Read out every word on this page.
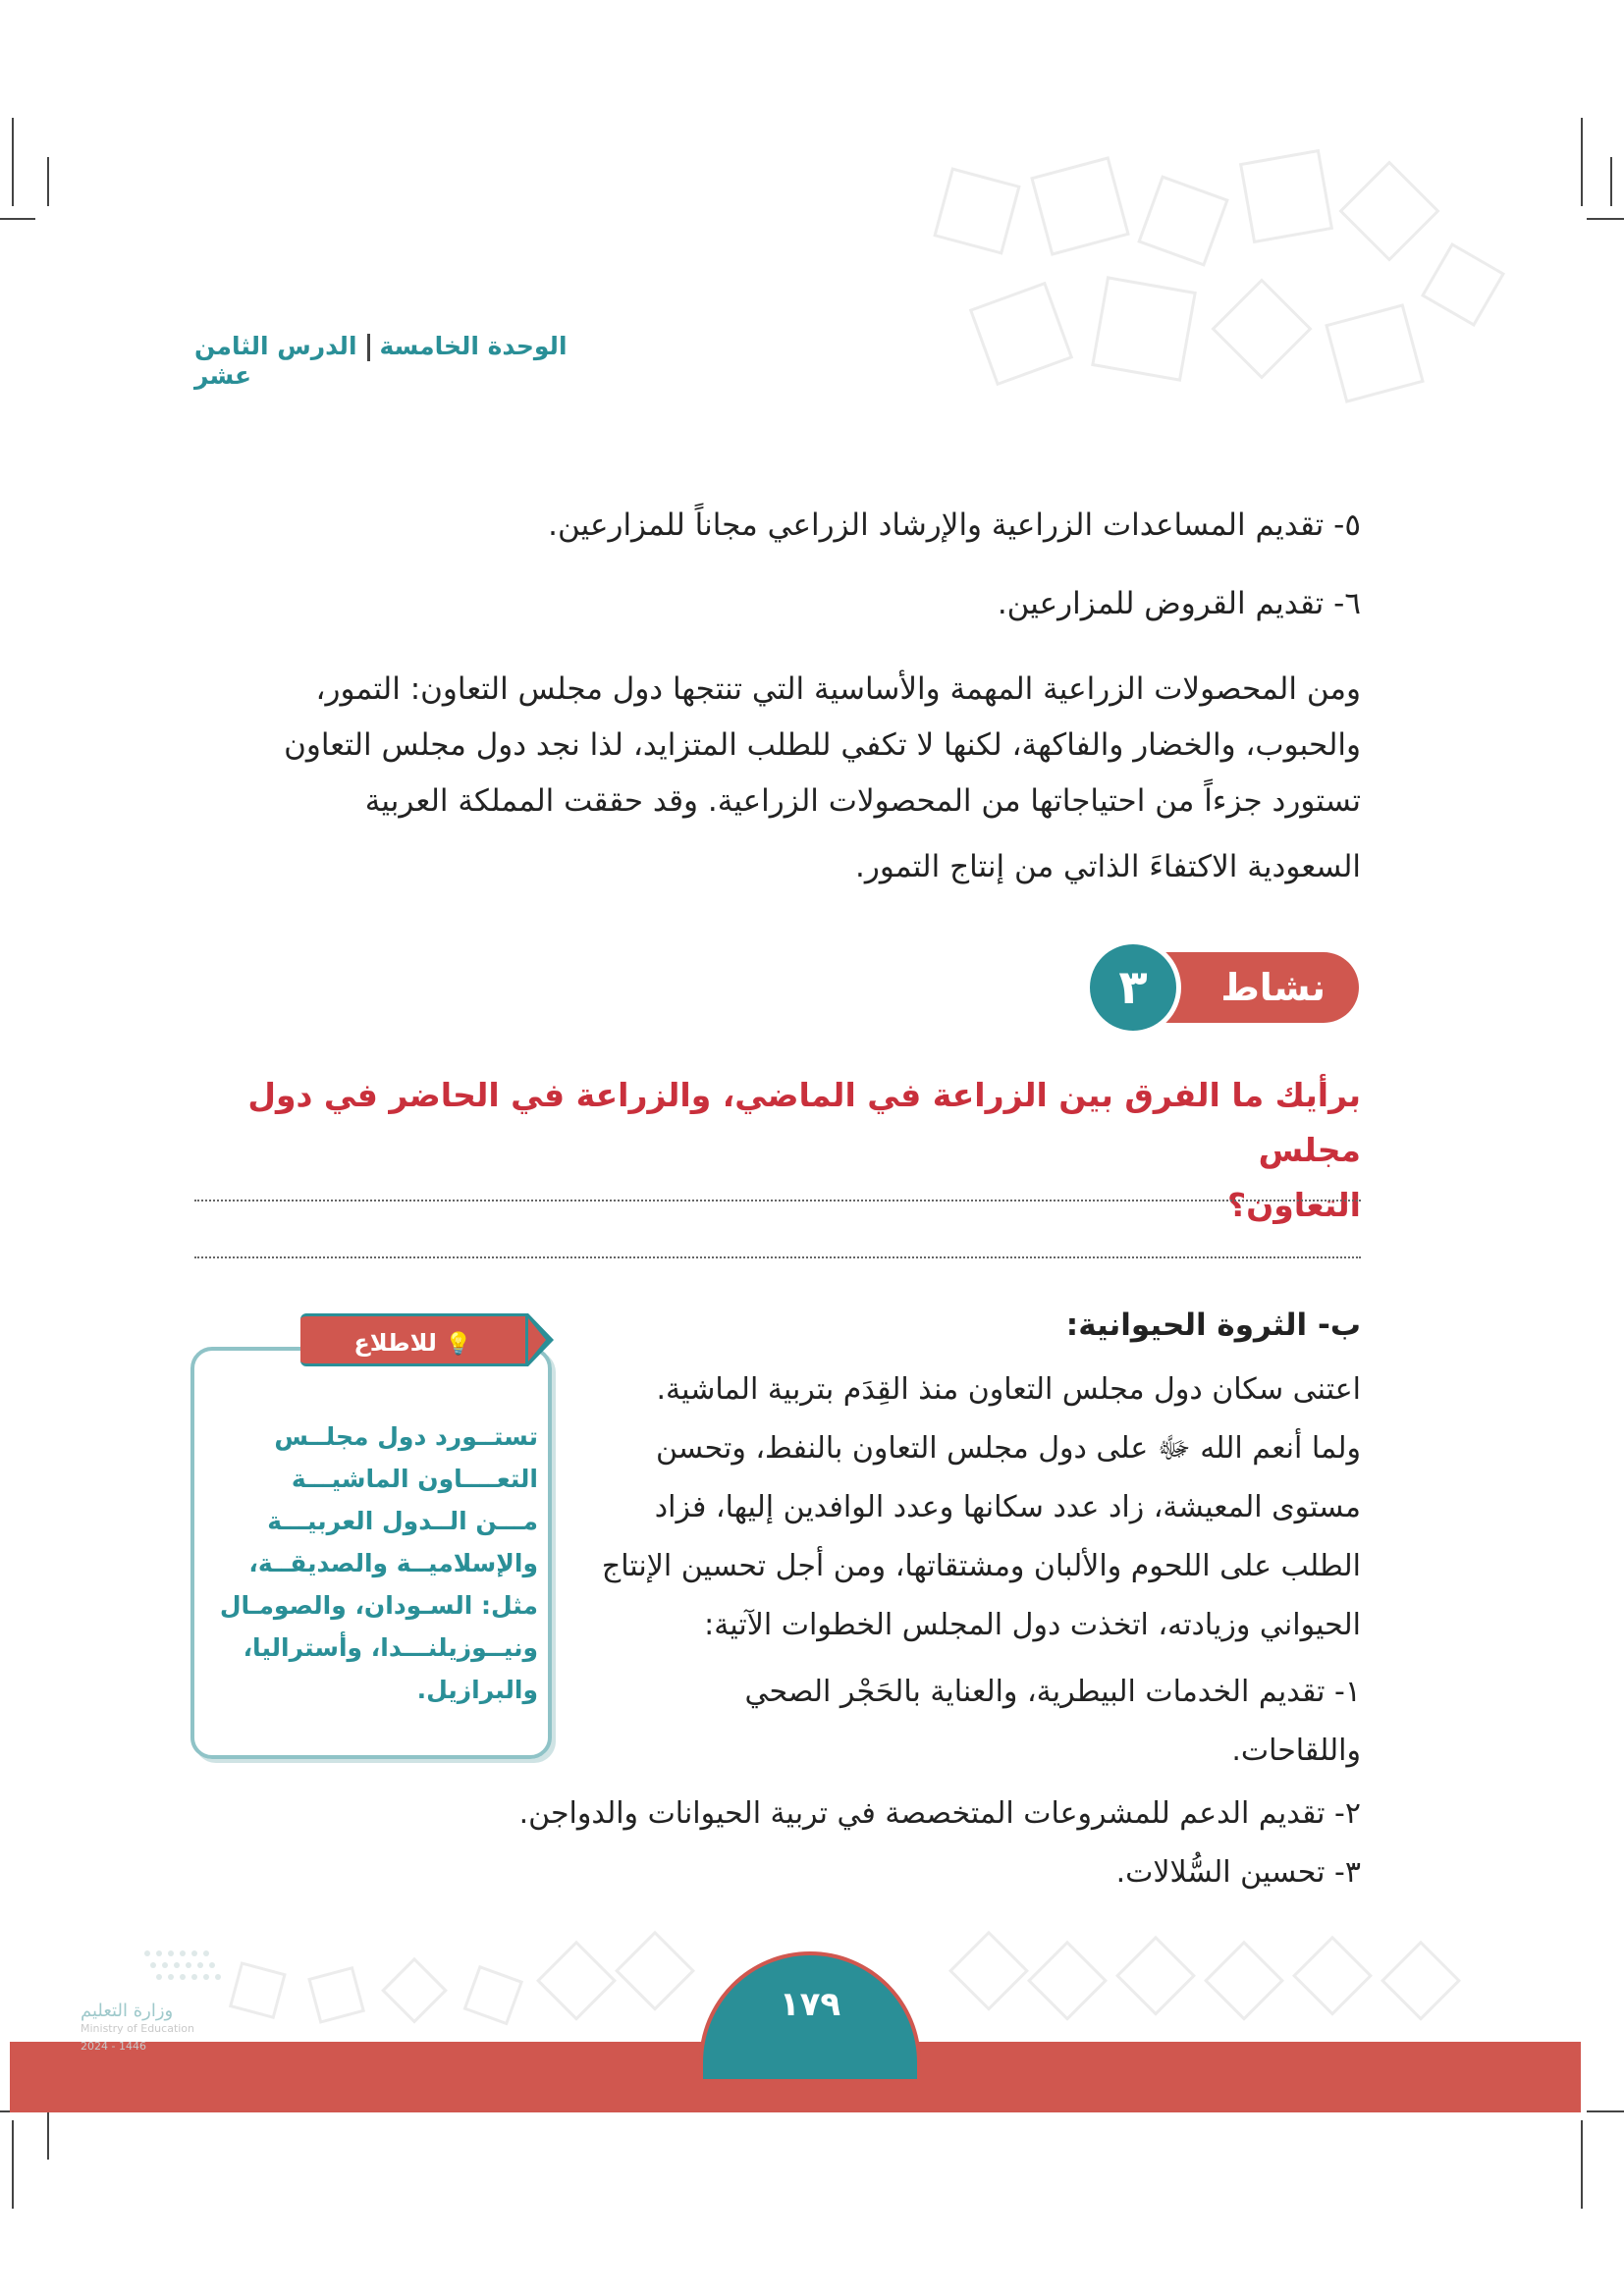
الوحدة الخامسةالدرس الثامن عشر
٥- تقديم المساعدات الزراعية والإرشاد الزراعي مجاناً للمزارعين.
٦- تقديم القروض للمزارعين.
ومن المحصولات الزراعية المهمة والأساسية التي تنتجها دول مجلس التعاون: التمور،
والحبوب، والخضار والفاكهة، لكنها لا تكفي للطلب المتزايد، لذا نجد دول مجلس التعاون
تستورد جزءاً من احتياجاتها من المحصولات الزراعية. وقد حققت المملكة العربية
السعودية الاكتفاءَ الذاتي من إنتاج التمور.
نشاط
٣
برأيك ما الفرق بين الزراعة في الماضي، والزراعة في الحاضر في دول مجلس
التعاون؟
ب- الثروة الحيوانية:
اعتنى سكان دول مجلس التعاون منذ القِدَم بتربية الماشية.
ولما أنعم الله ﷻ على دول مجلس التعاون بالنفط، وتحسن
مستوى المعيشة، زاد عدد سكانها وعدد الوافدين إليها، فزاد
الطلب على اللحوم والألبان ومشتقاتها، ومن أجل تحسين الإنتاج
الحيواني وزيادته، اتخذت دول المجلس الخطوات الآتية:
١- تقديم الخدمات البيطرية، والعناية بالحَجْر الصحي
واللقاحات.
٢- تقديم الدعم للمشروعات المتخصصة في تربية الحيوانات والدواجن.
٣- تحسين السُّلالات.
💡 للاطلاع
تستــورد دول مجلــس
التعــــاون الماشيـــة
مـــن الــدول العربيـــة
والإسلاميــة والصديقــة،
مثل: السـودان، والصومـال
ونيــوزيلنـــدا، وأستراليا،
والبرازيل.
١٧٩
وزارة التعليم
Ministry of Education
2024 - 1446
